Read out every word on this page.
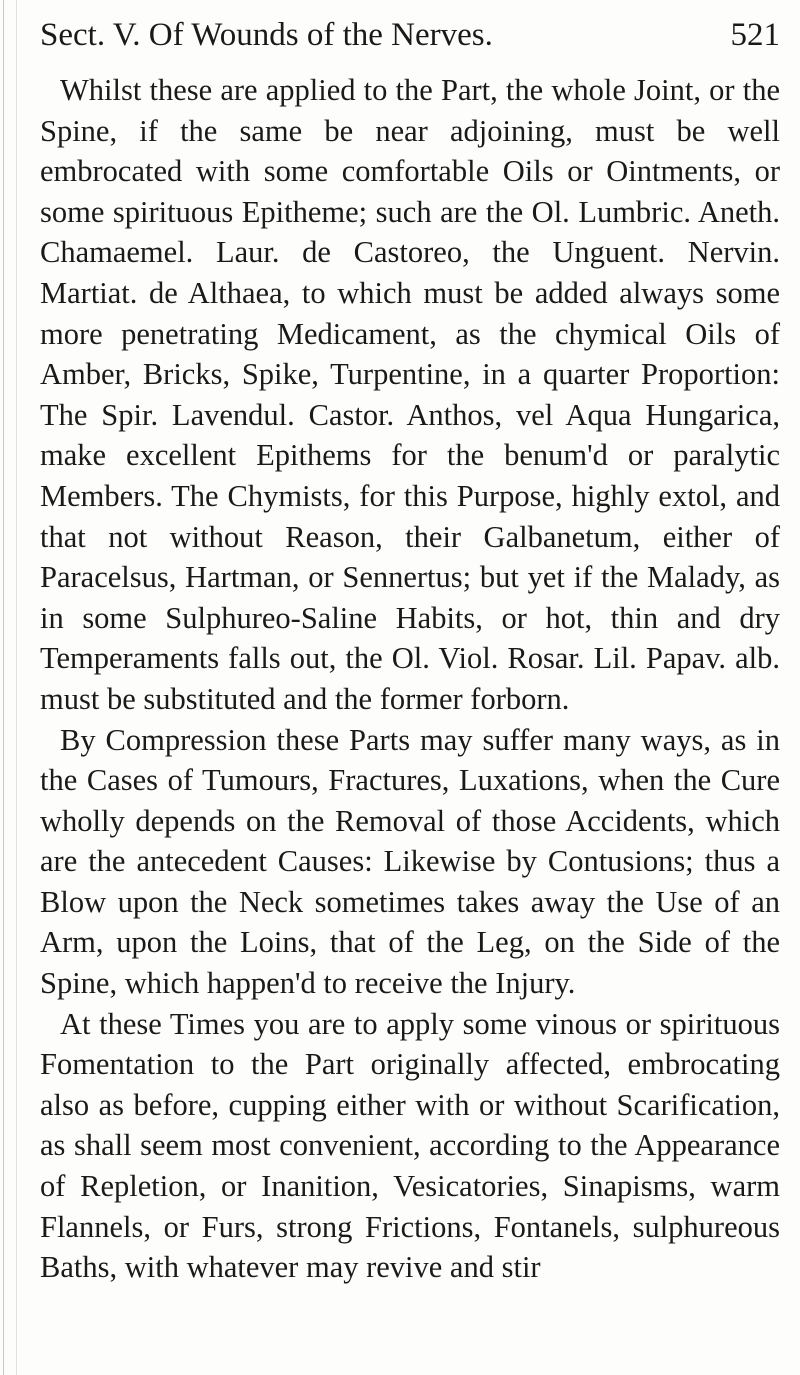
Sect. V. Of Wounds of the Nerves.	521

Whilst these are applied to the Part, the whole Joint, or the Spine, if the same be near adjoining, must be well embrocated with some comfortable Oils or Ointments, or some spirituous Epitheme; such are the Ol. Lumbric. Aneth. Chamaemel. Laur. de Castoreo, the Unguent. Nervin. Martiat. de Althaea, to which must be added always some more penetrating Medicament, as the chymical Oils of Amber, Bricks, Spike, Turpentine, in a quarter Proportion: The Spir. Lavendul. Castor. Anthos, vel Aqua Hungarica, make excellent Epithems for the benum'd or paralytic Members. The Chymists, for this Purpose, highly extol, and that not without Reason, their Galbanetum, either of Paracelsus, Hartman, or Sennertus; but yet if the Malady, as in some Sulphureo-Saline Habits, or hot, thin and dry Temperaments falls out, the Ol. Viol. Rosar. Lil. Papav. alb. must be substituted and the former forborn.

By Compression these Parts may suffer many ways, as in the Cases of Tumours, Fractures, Luxations, when the Cure wholly depends on the Removal of those Accidents, which are the antecedent Causes: Likewise by Contusions; thus a Blow upon the Neck sometimes takes away the Use of an Arm, upon the Loins, that of the Leg, on the Side of the Spine, which happen'd to receive the Injury.

At these Times you are to apply some vinous or spirituous Fomentation to the Part originally affected, embrocating also as before, cupping either with or without Scarification, as shall seem most convenient, according to the Appearance of Repletion, or Inanition, Vesicatories, Sinapisms, warm Flannels, or Furs, strong Frictions, Fontanels, sulphureous Baths, with whatever may revive and stir
